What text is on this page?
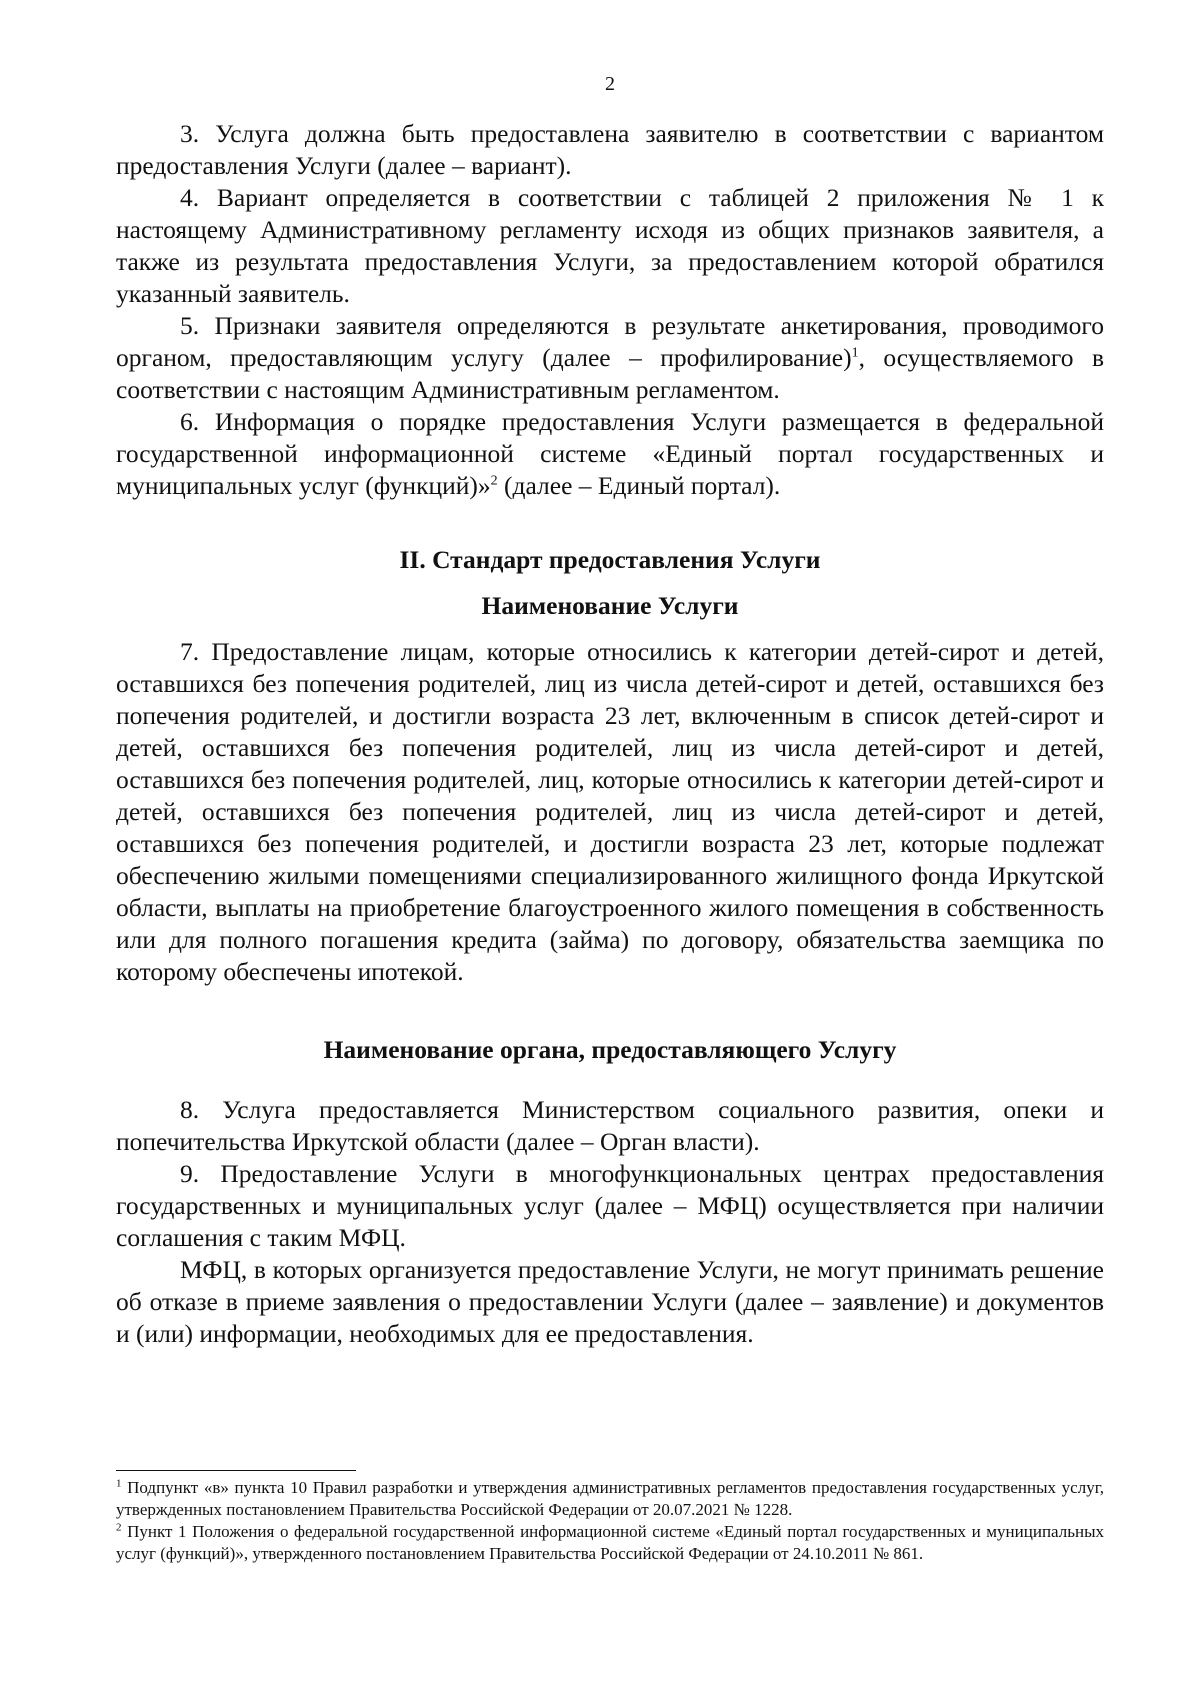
2

3. Услуга должна быть предоставлена заявителю в соответствии с вариантом предоставления Услуги (далее – вариант).

4. Вариант определяется в соответствии с таблицей 2 приложения № 1 к настоящему Административному регламенту исходя из общих признаков заявителя, а также из результата предоставления Услуги, за предоставлением которой обратился указанный заявитель.

5. Признаки заявителя определяются в результате анкетирования, проводимого органом, предоставляющим услугу (далее – профилирование)$^1$, осуществляемого в соответствии с настоящим Административным регламентом.

6. Информация о порядке предоставления Услуги размещается в федеральной государственной информационной системе «Единый портал государственных и муниципальных услуг (функций)»$^2$ (далее – Единый портал).

II. Стандарт предоставления Услуги
Наименование Услуги

7. Предоставление лицам, которые относились к категории детей-сирот и детей, оставшихся без попечения родителей, лиц из числа детей-сирот и детей, оставшихся без попечения родителей, и достигли возраста 23 лет, включенным в список детей-сирот и детей, оставшихся без попечения родителей, лиц из числа детей-сирот и детей, оставшихся без попечения родителей, лиц, которые относились к категории детей-сирот и детей, оставшихся без попечения родителей, лиц из числа детей-сирот и детей, оставшихся без попечения родителей, и достигли возраста 23 лет, которые подлежат обеспечению жилыми помещениями специализированного жилищного фонда Иркутской области, выплаты на приобретение благоустроенного жилого помещения в собственность или для полного погашения кредита (займа) по договору, обязательства заемщика по которому обеспечены ипотекой.

Наименование органа, предоставляющего Услугу

8. Услуга предоставляется Министерством социального развития, опеки и попечительства Иркутской области (далее – Орган власти).

9. Предоставление Услуги в многофункциональных центрах предоставления государственных и муниципальных услуг (далее – МФЦ) осуществляется при наличии соглашения с таким МФЦ.

МФЦ, в которых организуется предоставление Услуги, не могут принимать решение об отказе в приеме заявления о предоставлении Услуги (далее – заявление) и документов и (или) информации, необходимых для ее предоставления.

$^1$ Подпункт «в» пункта 10 Правил разработки и утверждения административных регламентов предоставления государственных услуг, утвержденных постановлением Правительства Российской Федерации от 20.07.2021 № 1228.

$^2$ Пункт 1 Положения о федеральной государственной информационной системе «Единый портал государственных и муниципальных услуг (функций)», утвержденного постановлением Правительства Российской Федерации от 24.10.2011 № 861.
